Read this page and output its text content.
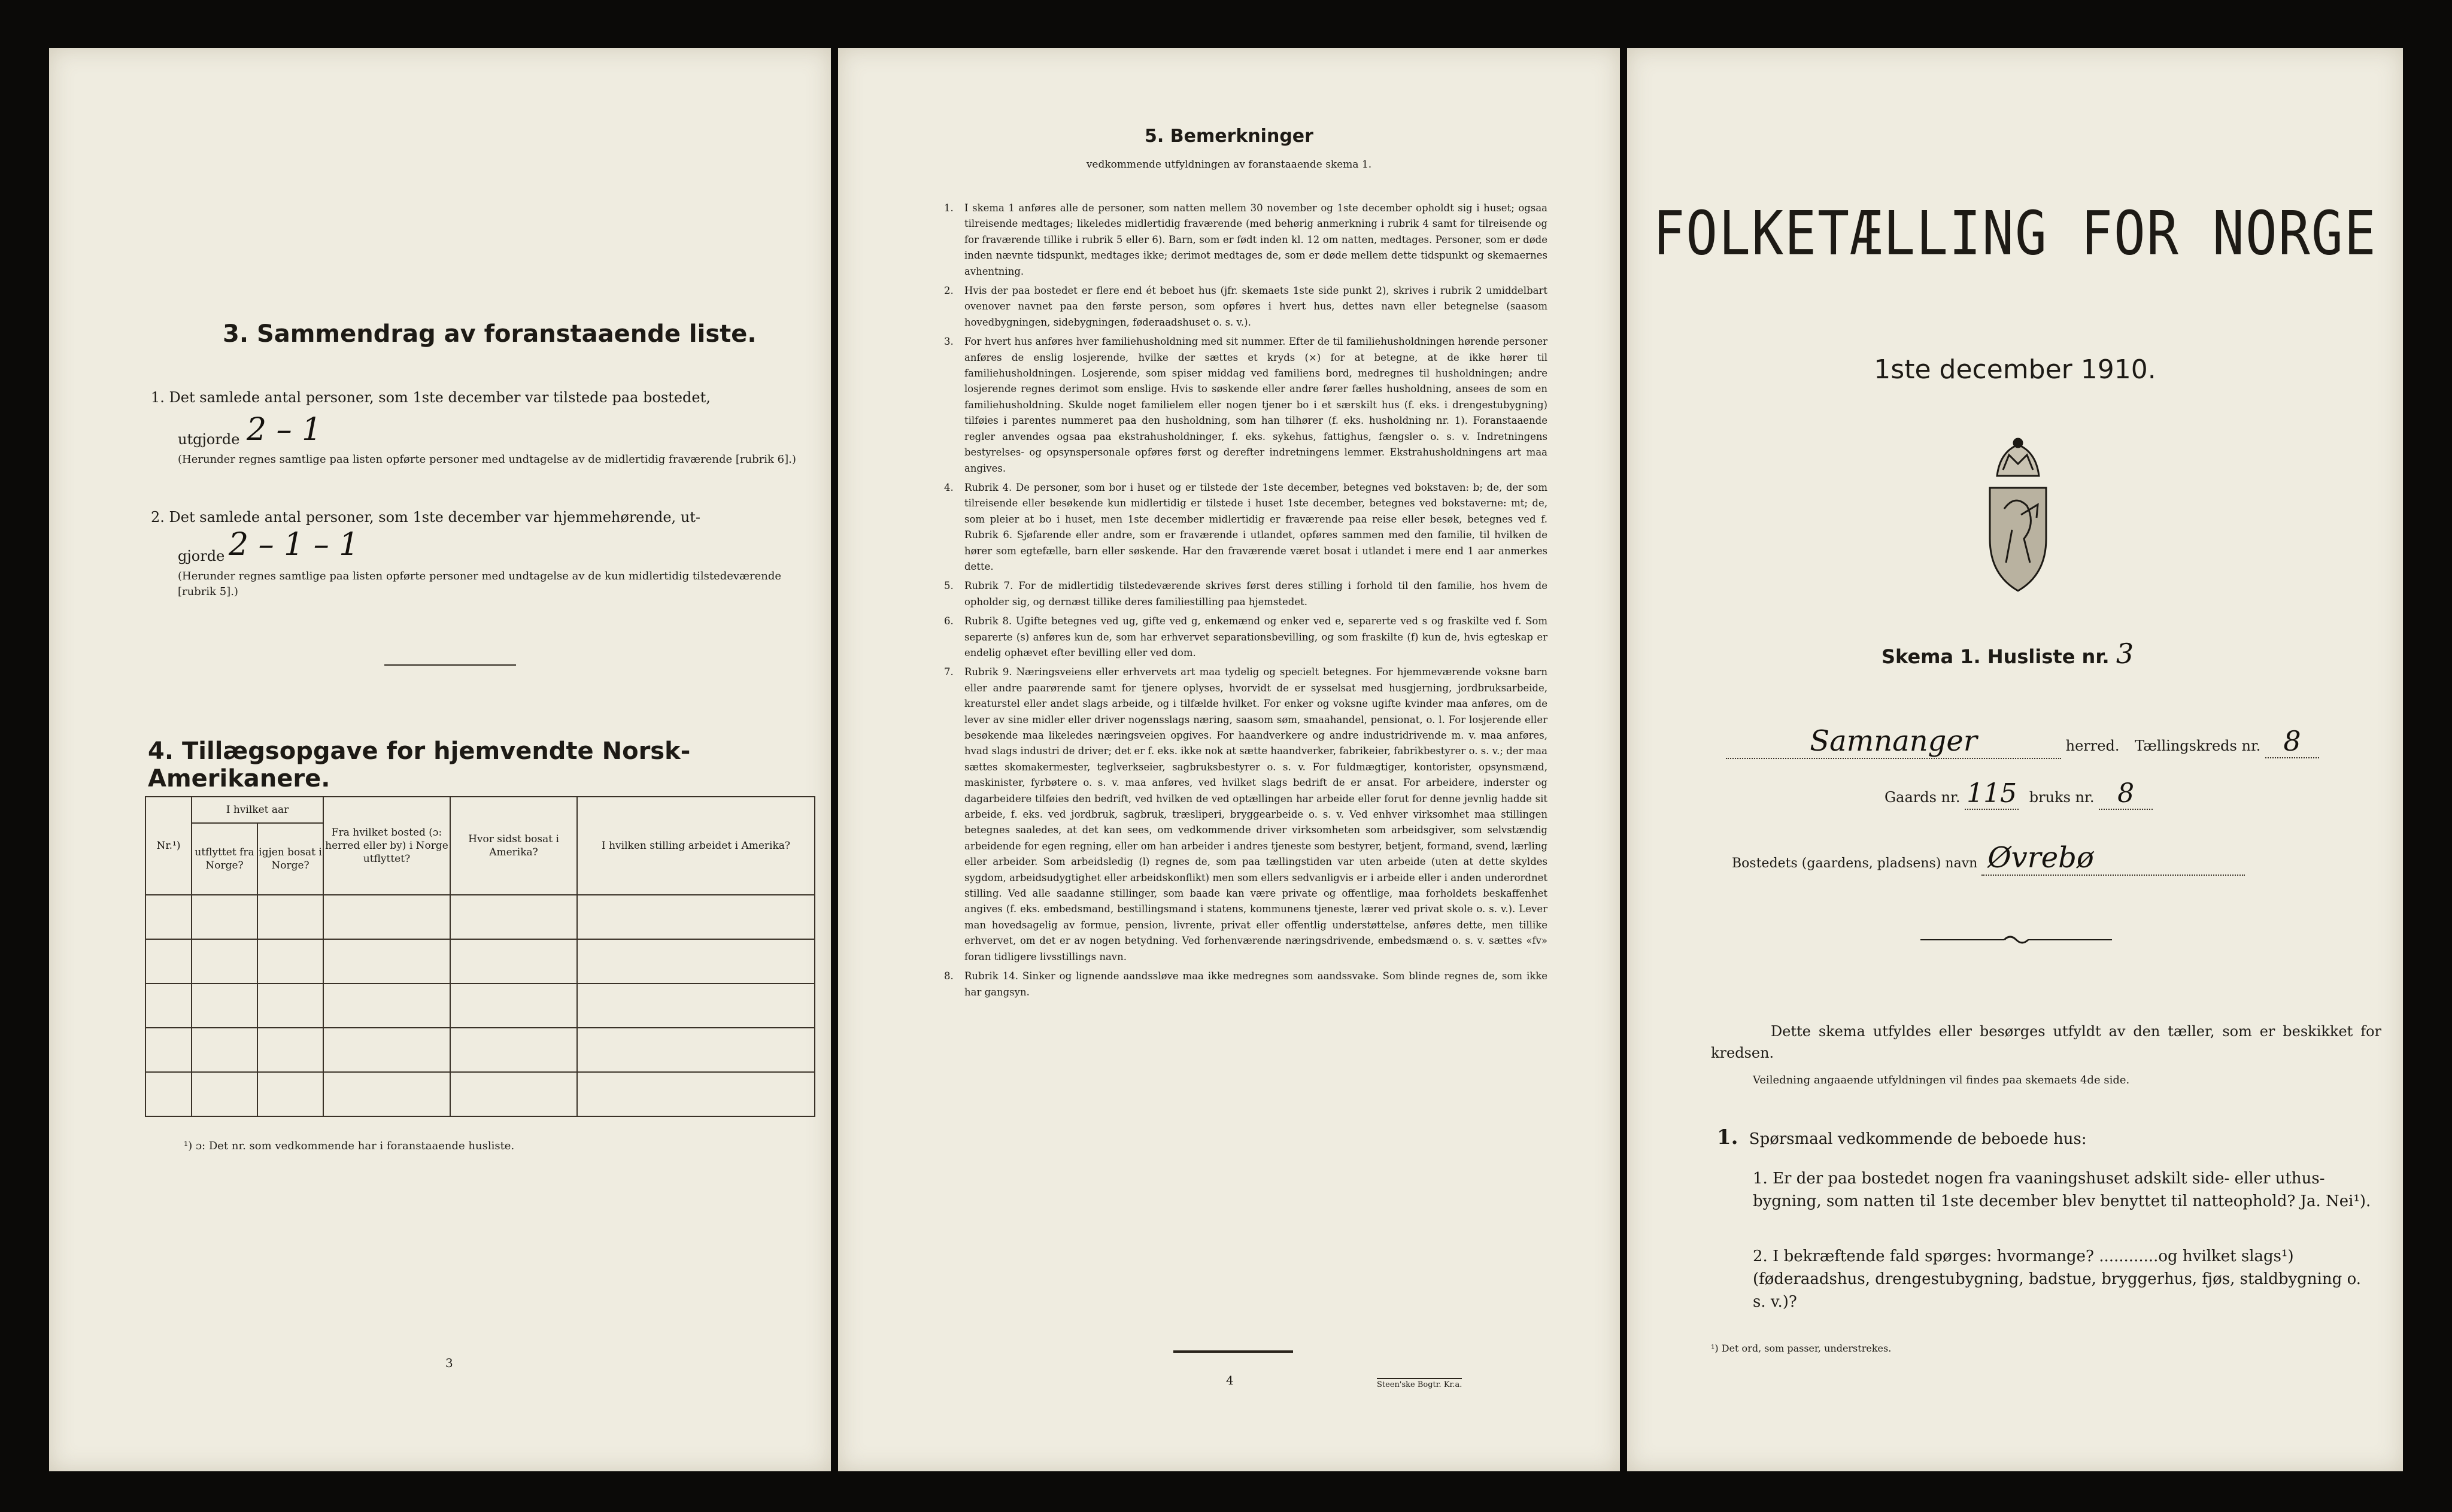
3. Sammendrag av foranstaaende liste.
1. Det samlede antal personer, som 1ste december var tilstede paa bostedet,
utgjorde 2 – 1
(Herunder regnes samtlige paa listen opførte personer med undtagelse av de midlertidig fraværende [rubrik 6].)
2. Det samlede antal personer, som 1ste december var hjemmehørende, ut-
gjorde 2 – 1 – 1
(Herunder regnes samtlige paa listen opførte personer med undtagelse av de kun midlertidig tilstedeværende [rubrik 5].)
4. Tillægsopgave for hjemvendte Norsk-Amerikanere.
Nr.¹)	I hvilket aar		Fra hvilket bosted (ɔ: herred eller by) i Norge utflyttet?	Hvor sidst bosat i Amerika?	I hvilken stilling arbeidet i Amerika?
	utflyttet fra Norge?	igjen bosat i Norge?			

¹) ɔ: Det nr. som vedkommende har i foranstaaende husliste.
3
5. Bemerkninger
vedkommende utfyldningen av foranstaaende skema 1.
1. I skema 1 anføres alle de personer, som natten mellem 30 november og 1ste december opholdt sig i huset; ogsaa tilreisende medtages; likeledes midlertidig fraværende (med behørig anmerkning i rubrik 4 samt for tilreisende og for fraværende tillike i rubrik 5 eller 6). Barn, som er født inden kl. 12 om natten, medtages. Personer, som er døde inden nævnte tidspunkt, medtages ikke; derimot medtages de, som er døde mellem dette tidspunkt og skemaernes avhentning.
2. Hvis der paa bostedet er flere end ét beboet hus (jfr. skemaets 1ste side punkt 2), skrives i rubrik 2 umiddelbart ovenover navnet paa den første person, som opføres i hvert hus, dettes navn eller betegnelse (saasom hovedbygningen, sidebygningen, føderaadshuset o. s. v.).
3. For hvert hus anføres hver familiehusholdning med sit nummer. Efter de til familiehusholdningen hørende personer anføres de enslig losjerende, hvilke der sættes et kryds (×) for at betegne, at de ikke hører til familiehusholdningen. Losjerende, som spiser middag ved familiens bord, medregnes til husholdningen; andre losjerende regnes derimot som enslige. Hvis to søskende eller andre fører fælles husholdning, ansees de som en familiehusholdning. Skulde noget familielem eller nogen tjener bo i et særskilt hus (f. eks. i drengestubygning) tilføies i parentes nummeret paa den husholdning, som han tilhører (f. eks. husholdning nr. 1). Foranstaaende regler anvendes ogsaa paa ekstrahusholdninger, f. eks. sykehus, fattighus, fængsler o. s. v. Indretningens bestyrelses- og opsynspersonale opføres først og derefter indretningens lemmer. Ekstrahusholdningens art maa angives.
4. Rubrik 4. De personer, som bor i huset og er tilstede der 1ste december, betegnes ved bokstaven: b; de, der som tilreisende eller besøkende kun midlertidig er tilstede i huset 1ste december, betegnes ved bokstaverne: mt; de, som pleier at bo i huset, men 1ste december midlertidig er fraværende paa reise eller besøk, betegnes ved f. Rubrik 6. Sjøfarende eller andre, som er fraværende i utlandet, opføres sammen med den familie, til hvilken de hører som egtefælle, barn eller søskende. Har den fraværende været bosat i utlandet i mere end 1 aar anmerkes dette.
5. Rubrik 7. For de midlertidig tilstedeværende skrives først deres stilling i forhold til den familie, hos hvem de opholder sig, og dernæst tillike deres familiestilling paa hjemstedet.
6. Rubrik 8. Ugifte betegnes ved ug, gifte ved g, enkemænd og enker ved e, separerte ved s og fraskilte ved f. Som separerte (s) anføres kun de, som har erhvervet separationsbevilling, og som fraskilte (f) kun de, hvis egteskap er endelig ophævet efter bevilling eller ved dom.
7. Rubrik 9. Næringsveiens eller erhvervets art maa tydelig og specielt betegnes. For hjemmeværende voksne barn eller andre paarørende samt for tjenere oplyses, hvorvidt de er sysselsat med husgjerning, jordbruksarbeide, kreaturstel eller andet slags arbeide, og i tilfælde hvilket. For enker og voksne ugifte kvinder maa anføres, om de lever av sine midler eller driver nogensslags næring, saasom søm, smaahandel, pensionat, o. l. For losjerende eller besøkende maa likeledes næringsveien opgives. For haandverkere og andre industridrivende m. v. maa anføres, hvad slags industri de driver; det er f. eks. ikke nok at sætte haandverker, fabrikeier, fabrikbestyrer o. s. v.; der maa sættes skomakermester, teglverkseier, sagbruksbestyrer o. s. v. For fuldmægtiger, kontorister, opsynsmænd, maskinister, fyrbøtere o. s. v. maa anføres, ved hvilket slags bedrift de er ansat. For arbeidere, inderster og dagarbeidere tilføies den bedrift, ved hvilken de ved optællingen har arbeide eller forut for denne jevnlig hadde sit arbeide, f. eks. ved jordbruk, sagbruk, træsliperi, bryggearbeide o. s. v. Ved enhver virksomhet maa stillingen betegnes saaledes, at det kan sees, om vedkommende driver virksomheten som arbeidsgiver, som selvstændig arbeidende for egen regning, eller om han arbeider i andres tjeneste som bestyrer, betjent, formand, svend, lærling eller arbeider. Som arbeidsledig (l) regnes de, som paa tællingstiden var uten arbeide (uten at dette skyldes sygdom, arbeidsudygtighet eller arbeidskonflikt) men som ellers sedvanligvis er i arbeide eller i anden underordnet stilling. Ved alle saadanne stillinger, som baade kan være private og offentlige, maa forholdets beskaffenhet angives (f. eks. embedsmand, bestillingsmand i statens, kommunens tjeneste, lærer ved privat skole o. s. v.). Lever man hovedsagelig av formue, pension, livrente, privat eller offentlig understøttelse, anføres dette, men tillike erhvervet, om det er av nogen betydning. Ved forhenværende næringsdrivende, embedsmænd o. s. v. sættes «fv» foran tidligere livsstillings navn.
8. Rubrik 14. Sinker og lignende aandssløve maa ikke medregnes som aandssvake. Som blinde regnes de, som ikke har gangsyn.
4	Steen'ske Bogtr. Kr.a.
FOLKETÆLLING FOR NORGE
1ste december 1910.
Skema 1. Husliste nr. 3
Samnanger	herred. Tællingskreds nr. 8
Gaards nr. 115 bruks nr. 8
Bostedets (gaardens, pladsens) navn Øvrebø
Dette skema utfyldes eller besørges utfyldt av den tæller, som er beskikket for kredsen.
Veiledning angaaende utfyldningen vil findes paa skemaets 4de side.
1. Spørsmaal vedkommende de beboede hus:
1. Er der paa bostedet nogen fra vaaningshuset adskilt side- eller uthus-bygning, som natten til 1ste december blev benyttet til natteophold? Ja. Nei¹).
2. I bekræftende fald spørges: hvormange? ............og hvilket slags¹) (føderaadshus, drengestubygning, badstue, bryggerhus, fjøs, staldbygning o. s. v.)?
¹) Det ord, som passer, understrekes.
